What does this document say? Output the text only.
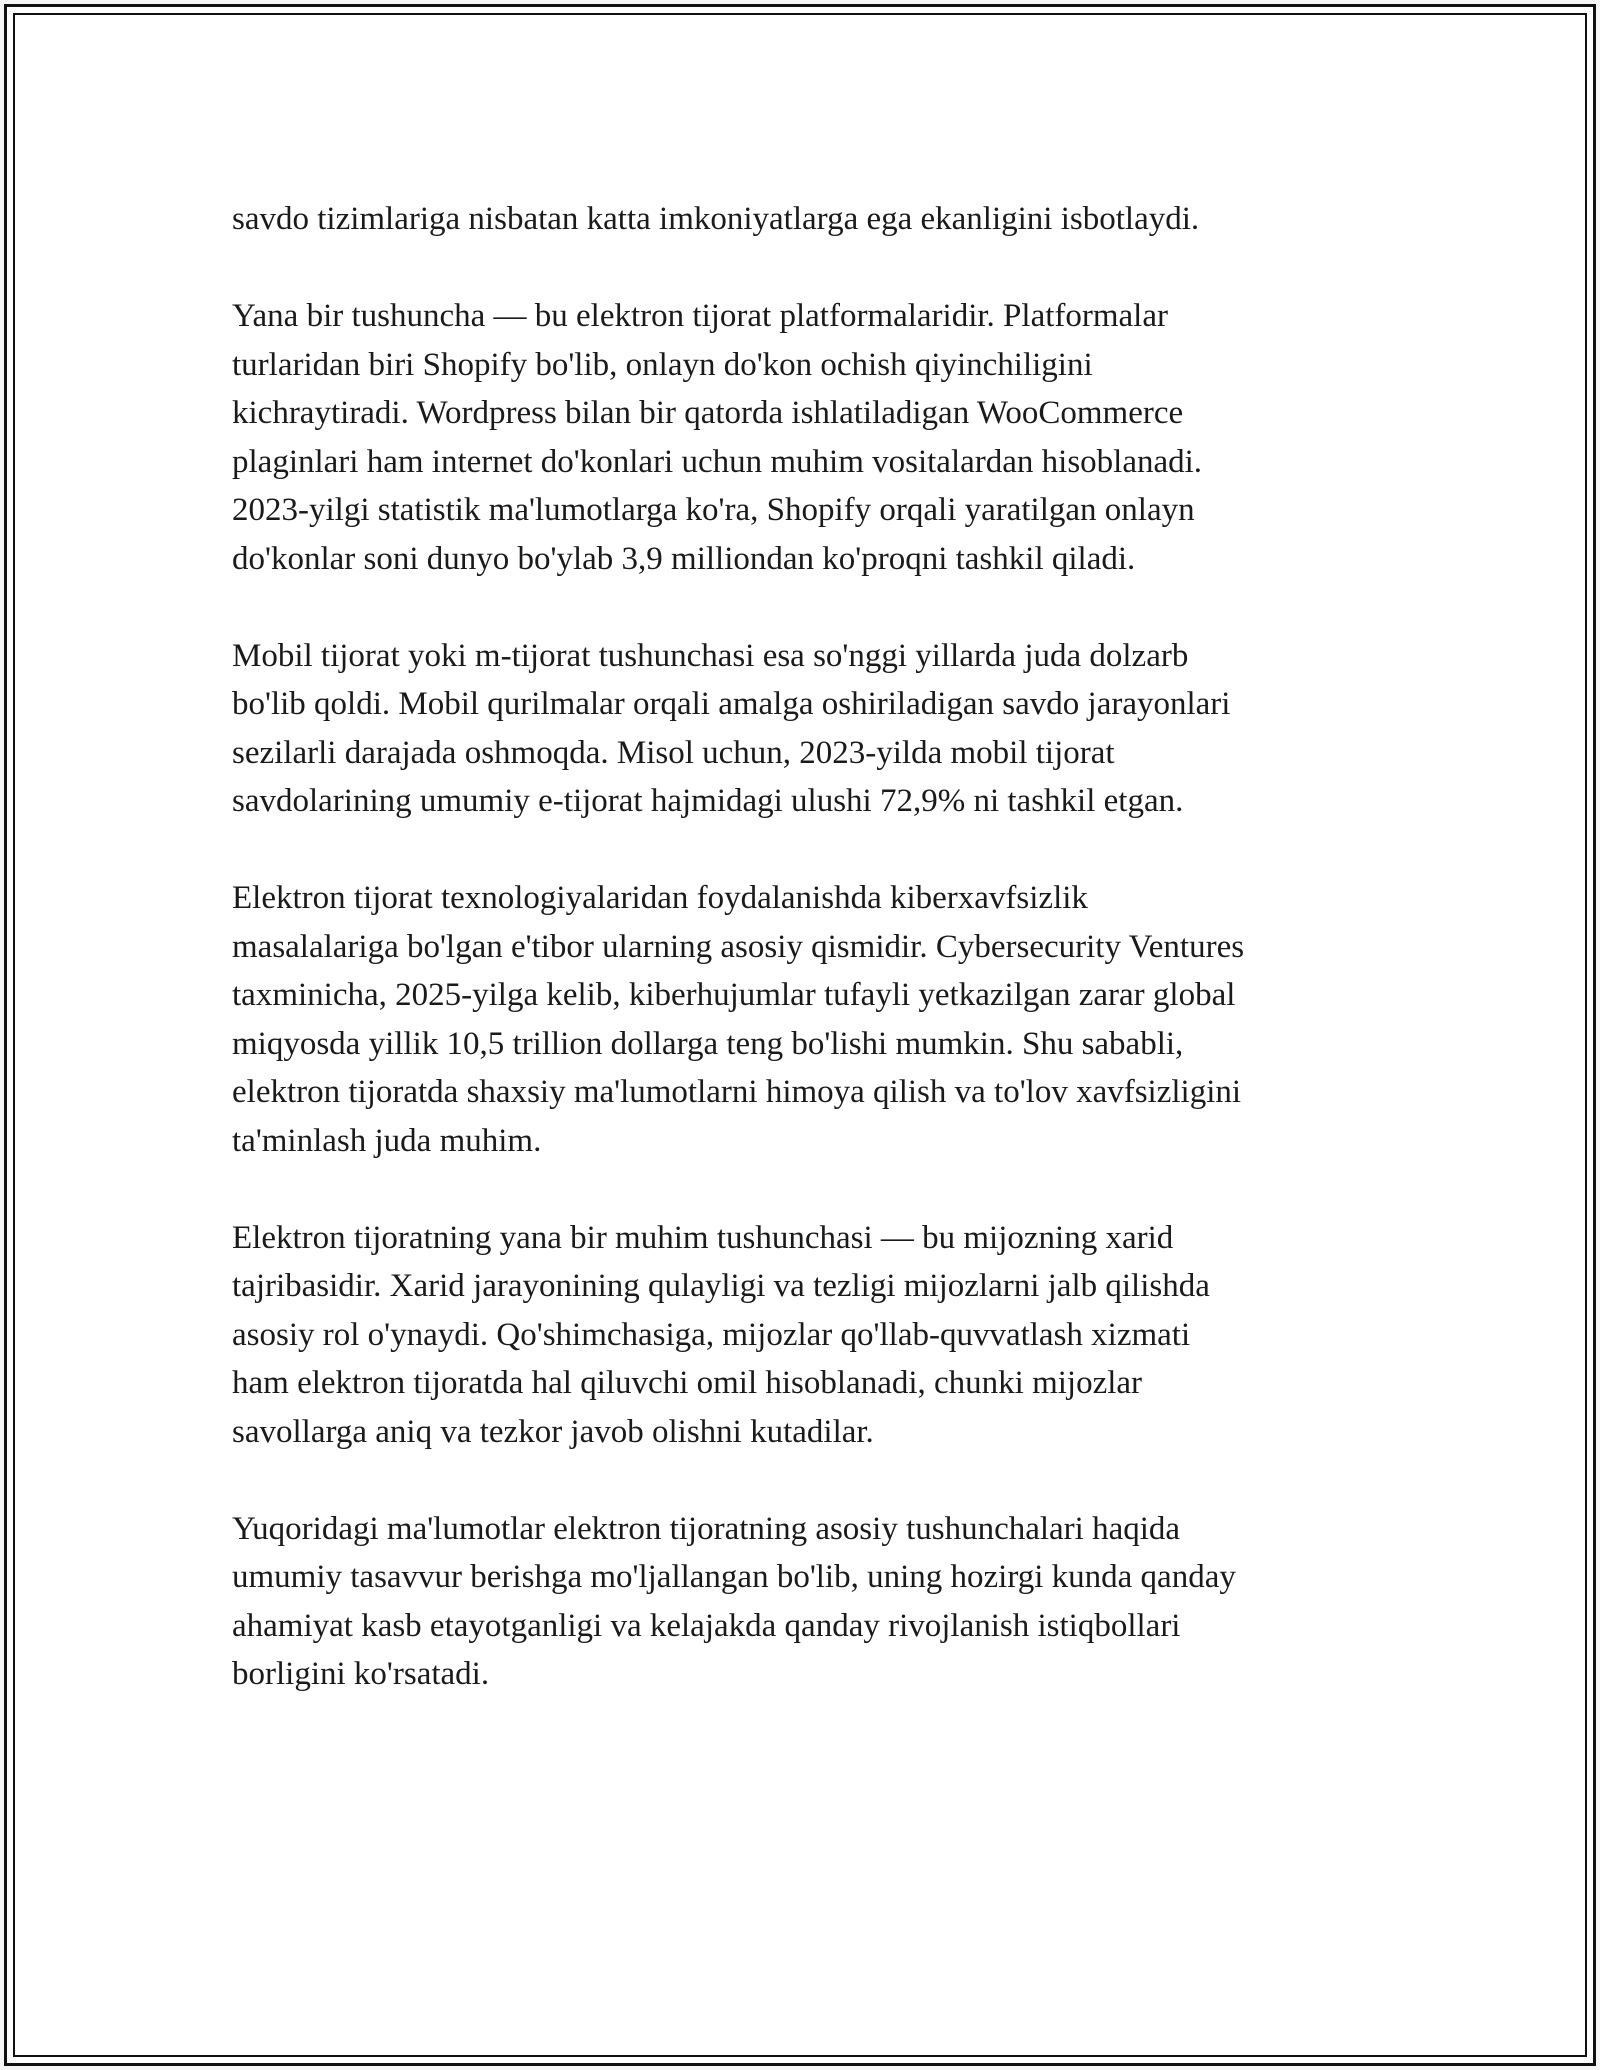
savdo tizimlariga nisbatan katta imkoniyatlarga ega ekanligini isbotlaydi.

Yana bir tushuncha — bu elektron tijorat platformalaridir. Platformalar
turlaridan biri Shopify bo'lib, onlayn do'kon ochish qiyinchiligini
kichraytiradi. Wordpress bilan bir qatorda ishlatiladigan WooCommerce
plaginlari ham internet do'konlari uchun muhim vositalardan hisoblanadi.
2023-yilgi statistik ma'lumotlarga ko'ra, Shopify orqali yaratilgan onlayn
do'konlar soni dunyo bo'ylab 3,9 milliondan ko'proqni tashkil qiladi.

Mobil tijorat yoki m-tijorat tushunchasi esa so'nggi yillarda juda dolzarb
bo'lib qoldi. Mobil qurilmalar orqali amalga oshiriladigan savdo jarayonlari
sezilarli darajada oshmoqda. Misol uchun, 2023-yilda mobil tijorat
savdolarining umumiy e-tijorat hajmidagi ulushi 72,9% ni tashkil etgan.

Elektron tijorat texnologiyalaridan foydalanishda kiberxavfsizlik
masalalariga bo'lgan e'tibor ularning asosiy qismidir. Cybersecurity Ventures
taxminicha, 2025-yilga kelib, kiberhujumlar tufayli yetkazilgan zarar global
miqyosda yillik 10,5 trillion dollarga teng bo'lishi mumkin. Shu sababli,
elektron tijoratda shaxsiy ma'lumotlarni himoya qilish va to'lov xavfsizligini
ta'minlash juda muhim.

Elektron tijoratning yana bir muhim tushunchasi — bu mijozning xarid
tajribasidir. Xarid jarayonining qulayligi va tezligi mijozlarni jalb qilishda
asosiy rol o'ynaydi. Qo'shimchasiga, mijozlar qo'llab-quvvatlash xizmati
ham elektron tijoratda hal qiluvchi omil hisoblanadi, chunki mijozlar
savollarga aniq va tezkor javob olishni kutadilar.

Yuqoridagi ma'lumotlar elektron tijoratning asosiy tushunchalari haqida
umumiy tasavvur berishga mo'ljallangan bo'lib, uning hozirgi kunda qanday
ahamiyat kasb etayotganligi va kelajakda qanday rivojlanish istiqbollari
borligini ko'rsatadi.
